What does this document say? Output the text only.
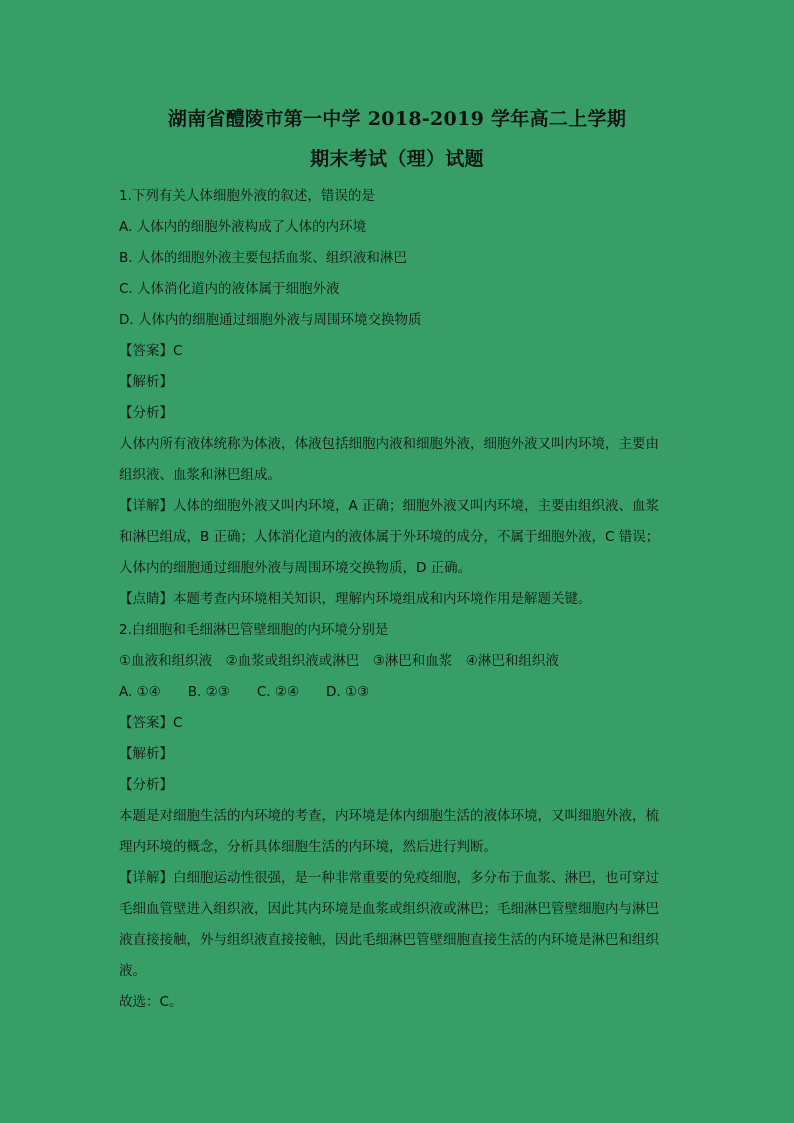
湖南省醴陵市第一中学 2018-2019 学年高二上学期
期末考试（理）试题
1.下列有关人体细胞外液的叙述，错误的是
A. 人体内的细胞外液构成了人体的内环境
B. 人体的细胞外液主要包括血浆、组织液和淋巴
C. 人体消化道内的液体属于细胞外液
D. 人体内的细胞通过细胞外液与周围环境交换物质
【答案】C
【解析】
【分析】
人体内所有液体统称为体液，体液包括细胞内液和细胞外液，细胞外液又叫内环境，主要由
组织液、血浆和淋巴组成。
【详解】人体的细胞外液又叫内环境，A 正确；细胞外液又叫内环境，主要由组织液、血浆
和淋巴组成，B 正确；人体消化道内的液体属于外环境的成分，不属于细胞外液，C 错误；
人体内的细胞通过细胞外液与周围环境交换物质，D 正确。
【点睛】本题考查内环境相关知识，理解内环境组成和内环境作用是解题关键。
2.白细胞和毛细淋巴管壁细胞的内环境分别是
①血液和组织液　②血浆或组织液或淋巴　③淋巴和血浆　④淋巴和组织液
A. ①④　　B. ②③　　C. ②④　　D. ①③
【答案】C
【解析】
【分析】
本题是对细胞生活的内环境的考查，内环境是体内细胞生活的液体环境，又叫细胞外液，梳
理内环境的概念，分析具体细胞生活的内环境，然后进行判断。
【详解】白细胞运动性很强，是一种非常重要的免疫细胞，多分布于血浆、淋巴，也可穿过
毛细血管壁进入组织液，因此其内环境是血浆或组织液或淋巴；毛细淋巴管壁细胞内与淋巴
液直接接触，外与组织液直接接触，因此毛细淋巴管壁细胞直接生活的内环境是淋巴和组织
液。
故选：C。
